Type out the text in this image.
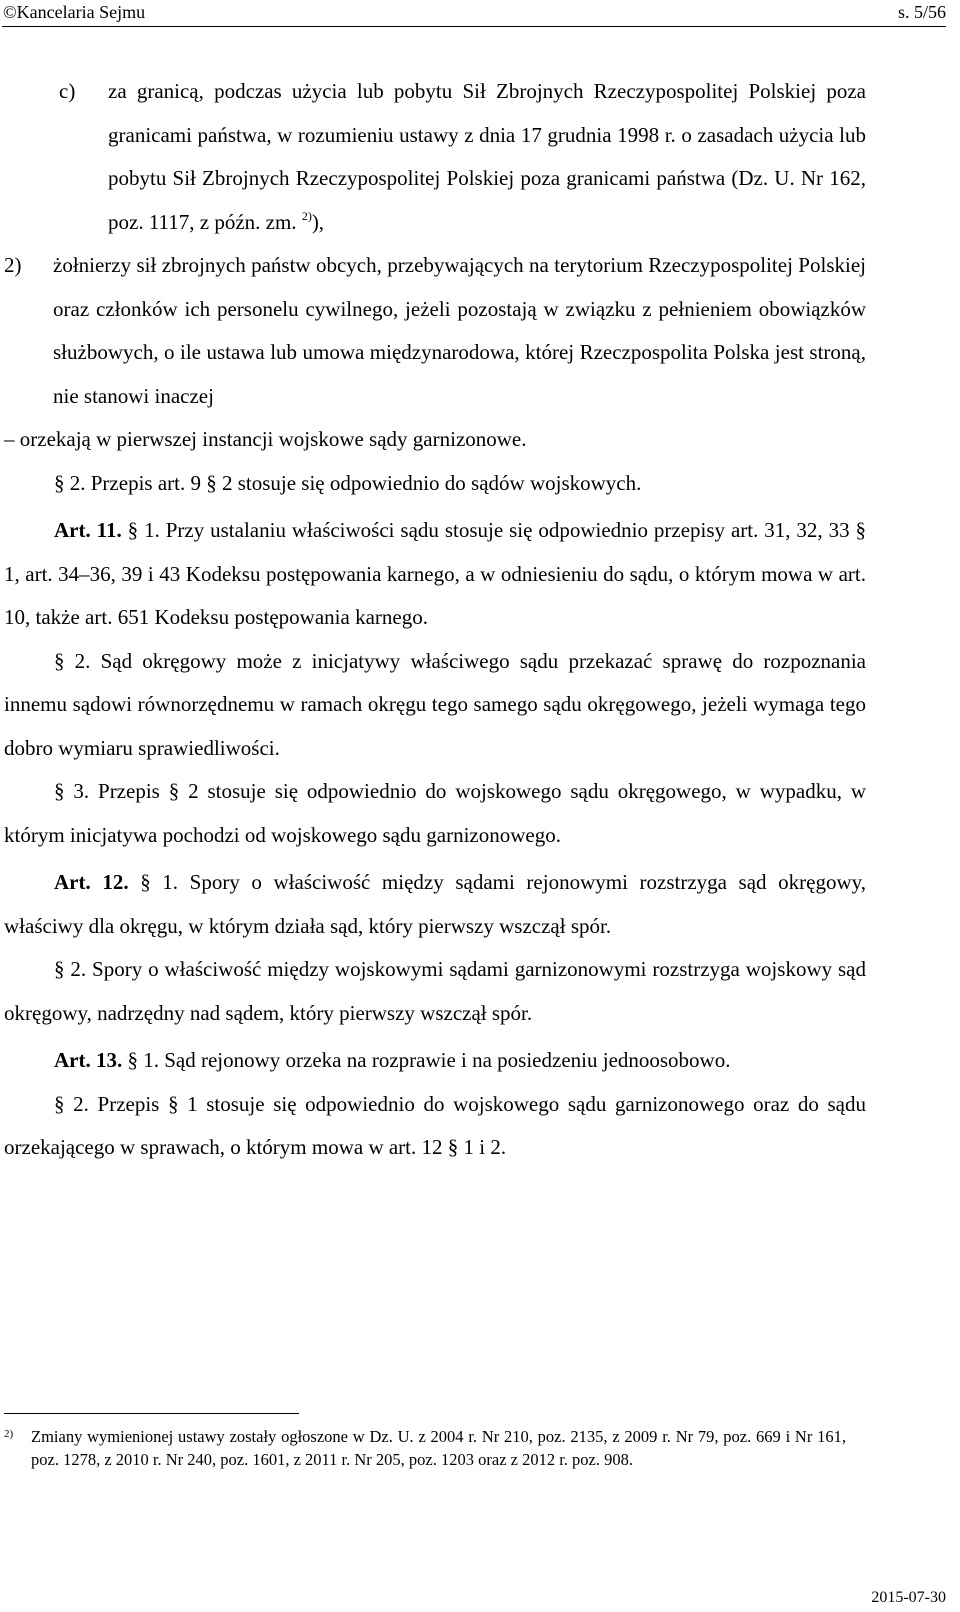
©Kancelaria Sejmu	s. 5/56
c)	za granicą, podczas użycia lub pobytu Sił Zbrojnych Rzeczypospolitej Polskiej poza granicami państwa, w rozumieniu ustawy z dnia 17 grudnia 1998 r. o zasadach użycia lub pobytu Sił Zbrojnych Rzeczypospolitej Polskiej poza granicami państwa (Dz. U. Nr 162, poz. 1117, z późn. zm. $^{2)}$),
2)	żołnierzy sił zbrojnych państw obcych, przebywających na terytorium Rzeczypospolitej Polskiej oraz członków ich personelu cywilnego, jeżeli pozostają w związku z pełnieniem obowiązków służbowych, o ile ustawa lub umowa międzynarodowa, której Rzeczpospolita Polska jest stroną, nie stanowi inaczej

– orzekają w pierwszej instancji wojskowe sądy garnizonowe.

§ 2. Przepis art. 9 § 2 stosuje się odpowiednio do sądów wojskowych.

Art. 11. § 1. Przy ustalaniu właściwości sądu stosuje się odpowiednio przepisy art. 31, 32, 33 § 1, art. 34–36, 39 i 43 Kodeksu postępowania karnego, a w odniesieniu do sądu, o którym mowa w art. 10, także art. 651 Kodeksu postępowania karnego.

§ 2. Sąd okręgowy może z inicjatywy właściwego sądu przekazać sprawę do rozpoznania innemu sądowi równorzędnemu w ramach okręgu tego samego sądu okręgowego, jeżeli wymaga tego dobro wymiaru sprawiedliwości.

§ 3. Przepis § 2 stosuje się odpowiednio do wojskowego sądu okręgowego, w wypadku, w którym inicjatywa pochodzi od wojskowego sądu garnizonowego.

Art. 12. § 1. Spory o właściwość między sądami rejonowymi rozstrzyga sąd okręgowy, właściwy dla okręgu, w którym działa sąd, który pierwszy wszczął spór.

§ 2. Spory o właściwość między wojskowymi sądami garnizonowymi rozstrzyga wojskowy sąd okręgowy, nadrzędny nad sądem, który pierwszy wszczął spór.

Art. 13. § 1. Sąd rejonowy orzeka na rozprawie i na posiedzeniu jednoosobowo.

§ 2. Przepis § 1 stosuje się odpowiednio do wojskowego sądu garnizonowego oraz do sądu orzekającego w sprawach, o którym mowa w art. 12 § 1 i 2.

2)	Zmiany wymienionej ustawy zostały ogłoszone w Dz. U. z 2004 r. Nr 210, poz. 2135, z 2009 r. Nr 79, poz. 669 i Nr 161, poz. 1278, z 2010 r. Nr 240, poz. 1601, z 2011 r. Nr 205, poz. 1203 oraz z 2012 r. poz. 908.
2015-07-30
